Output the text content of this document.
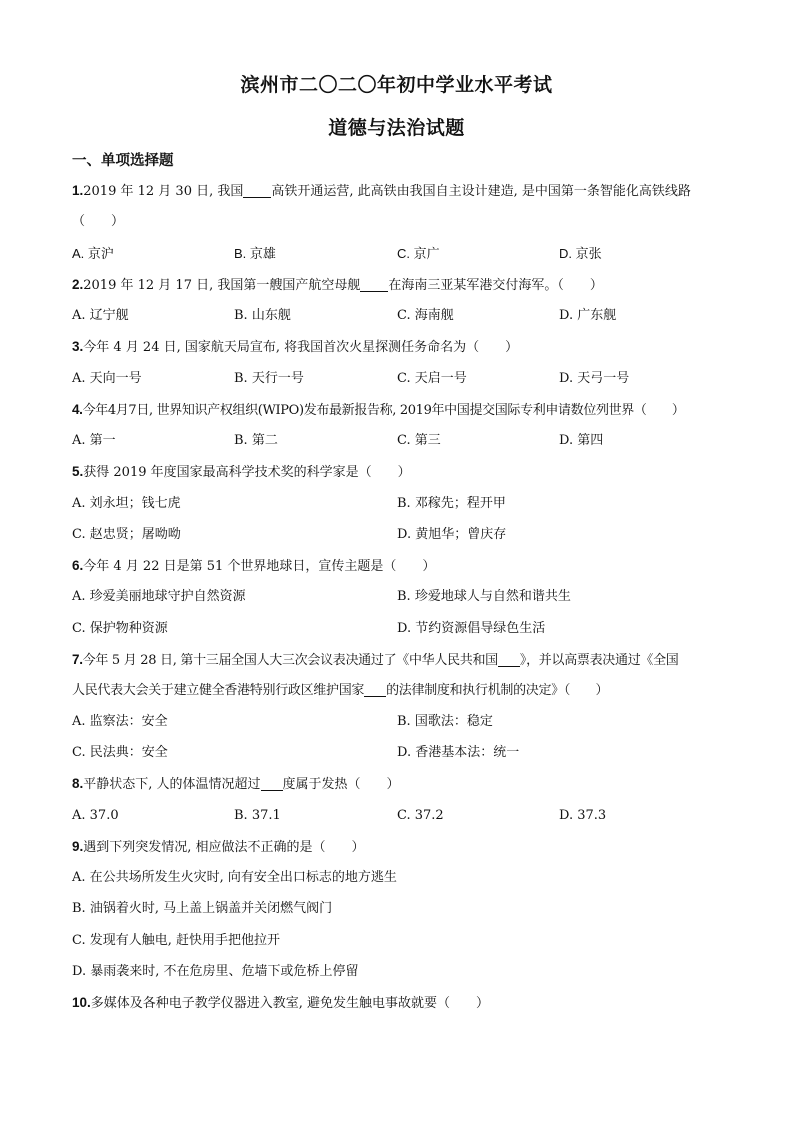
滨州市二〇二〇年初中学业水平考试
道德与法治试题
一、单项选择题
1.2019 年 12 月 30 日, 我国 高铁开通运营, 此高铁由我国自主设计建造, 是中国第一条智能化高铁线路
（　　）
A. 京沪	B. 京雄	C. 京广	D. 京张
2.2019 年 12 月 17 日, 我国第一艘国产航空母舰 在海南三亚某军港交付海军。（　　）
A. 辽宁舰	B. 山东舰	C. 海南舰	D. 广东舰
3.今年 4 月 24 日, 国家航天局宣布, 将我国首次火星探测任务命名为（　　）
A. 天向一号	B. 天行一号	C. 天启一号	D. 天弓一号
4.今年4月7日, 世界知识产权组织(WIPO)发布最新报告称, 2019年中国提交国际专利申请数位列世界（　　）
A. 第一	B. 第二	C. 第三	D. 第四
5.获得 2019 年度国家最高科学技术奖的科学家是（　　）
A. 刘永坦；钱七虎	B. 邓稼先；程开甲
C. 赵忠贤；屠呦呦	D. 黄旭华；曾庆存
6.今年 4 月 22 日是第 51 个世界地球日，宣传主题是（　　）
A. 珍爱美丽地球守护自然资源	B. 珍爱地球人与自然和谐共生
C. 保护物种资源	D. 节约资源倡导绿色生活
7.今年 5 月 28 日, 第十三届全国人大三次会议表决通过了《中华人民共和国 》，并以高票表决通过《全国
人民代表大会关于建立健全香港特别行政区维护国家 的法律制度和执行机制的决定》（　　）
A. 监察法：安全	B. 国歌法：稳定
C. 民法典：安全	D. 香港基本法：统一
8.平静状态下, 人的体温情况超过 度属于发热（　　）
A. 37.0	B. 37.1	C. 37.2	D. 37.3
9.遇到下列突发情况, 相应做法不正确的是（　　）
A. 在公共场所发生火灾时, 向有安全出口标志的地方逃生
B. 油锅着火时, 马上盖上锅盖并关闭燃气阀门
C. 发现有人触电, 赶快用手把他拉开
D. 暴雨袭来时, 不在危房里、危墙下或危桥上停留
10.多媒体及各种电子教学仪器进入教室, 避免发生触电事故就要（　　）
